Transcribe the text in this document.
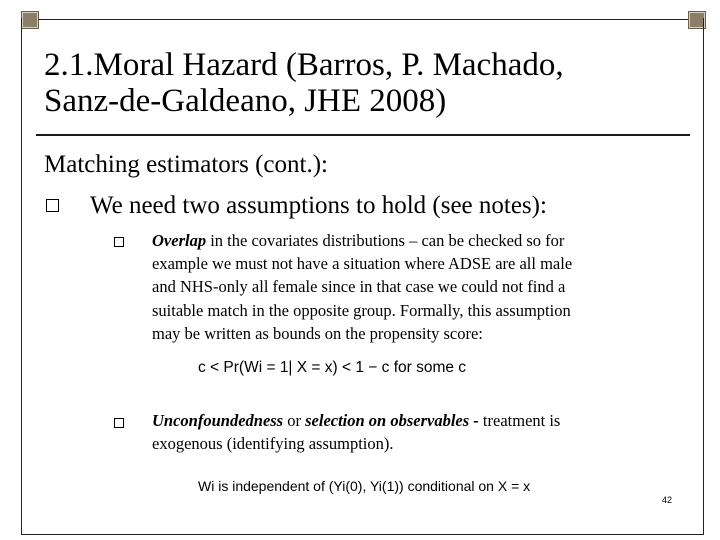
2.1.Moral Hazard (Barros, P. Machado,
Sanz-de-Galdeano, JHE 2008)
Matching estimators (cont.):
We need two assumptions to hold (see notes):
Overlap in the covariates distributions – can be checked so for
example we must not have a situation where ADSE are all male
and NHS-only all female since in that case we could not find a
suitable match in the opposite group. Formally, this assumption
may be written as bounds on the propensity score:
c < Pr(Wi = 1| X = x) < 1 − c for some c
Unconfoundedness or selection on observables - treatment is
exogenous (identifying assumption).
Wi is independent of (Yi(0), Yi(1)) conditional on X = x
42
